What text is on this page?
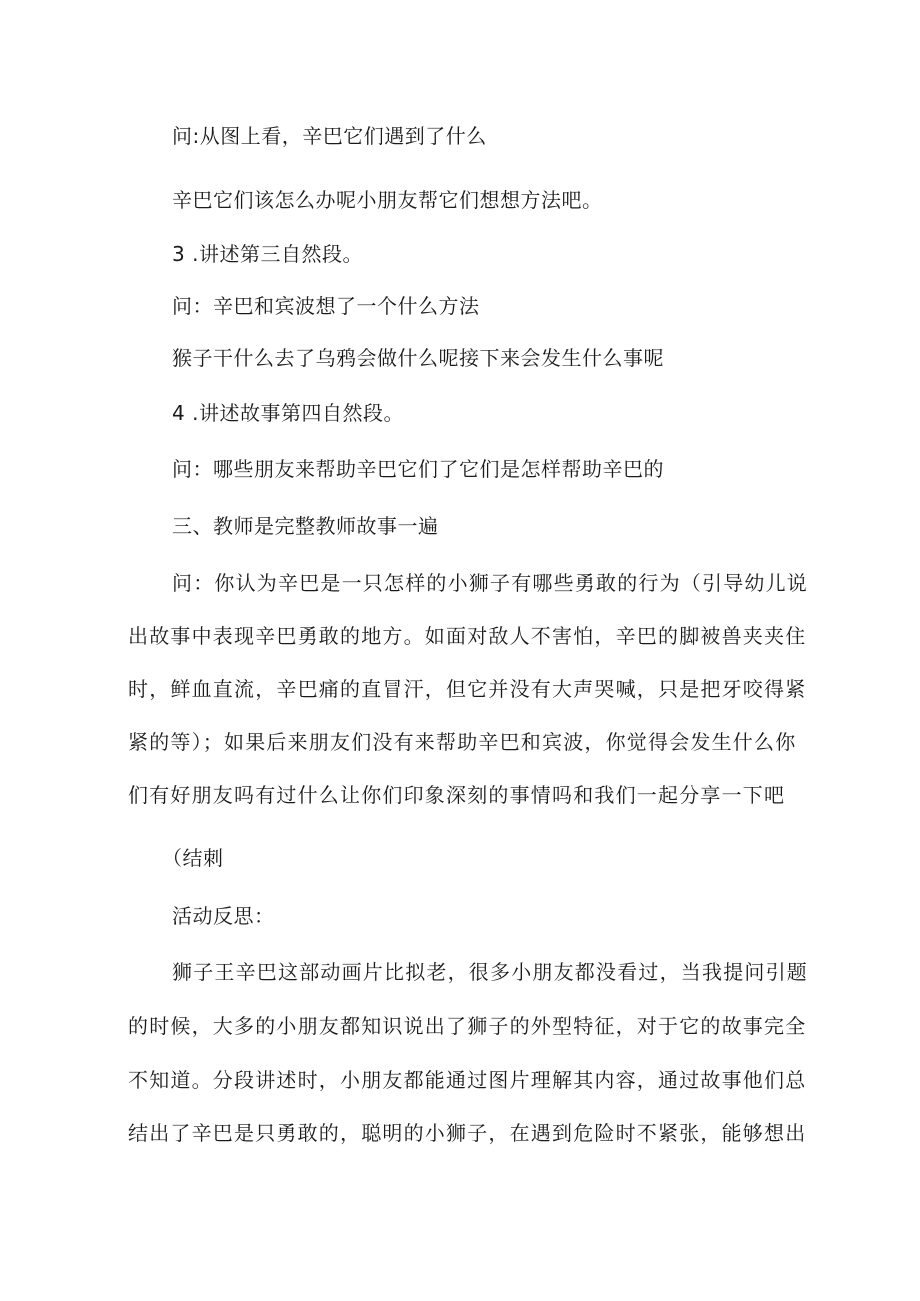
问:从图上看，辛巴它们遇到了什么
辛巴它们该怎么办呢小朋友帮它们想想方法吧。
3 .讲述第三自然段。
问：辛巴和宾波想了一个什么方法
猴子干什么去了乌鸦会做什么呢接下来会发生什么事呢
4 .讲述故事第四自然段。
问：哪些朋友来帮助辛巴它们了它们是怎样帮助辛巴的
三、教师是完整教师故事一遍
问：你认为辛巴是一只怎样的小狮子有哪些勇敢的行为（引导幼儿说
出故事中表现辛巴勇敢的地方。如面对敌人不害怕，辛巴的脚被兽夹夹住
时，鲜血直流，辛巴痛的直冒汗，但它并没有大声哭喊，只是把牙咬得紧
紧的等）；如果后来朋友们没有来帮助辛巴和宾波，你觉得会发生什么你
们有好朋友吗有过什么让你们印象深刻的事情吗和我们一起分享一下吧
（结刺
活动反思：
狮子王辛巴这部动画片比拟老，很多小朋友都没看过，当我提问引题
的时候，大多的小朋友都知识说出了狮子的外型特征，对于它的故事完全
不知道。分段讲述时，小朋友都能通过图片理解其内容，通过故事他们总
结出了辛巴是只勇敢的，聪明的小狮子，在遇到危险时不紧张，能够想出
